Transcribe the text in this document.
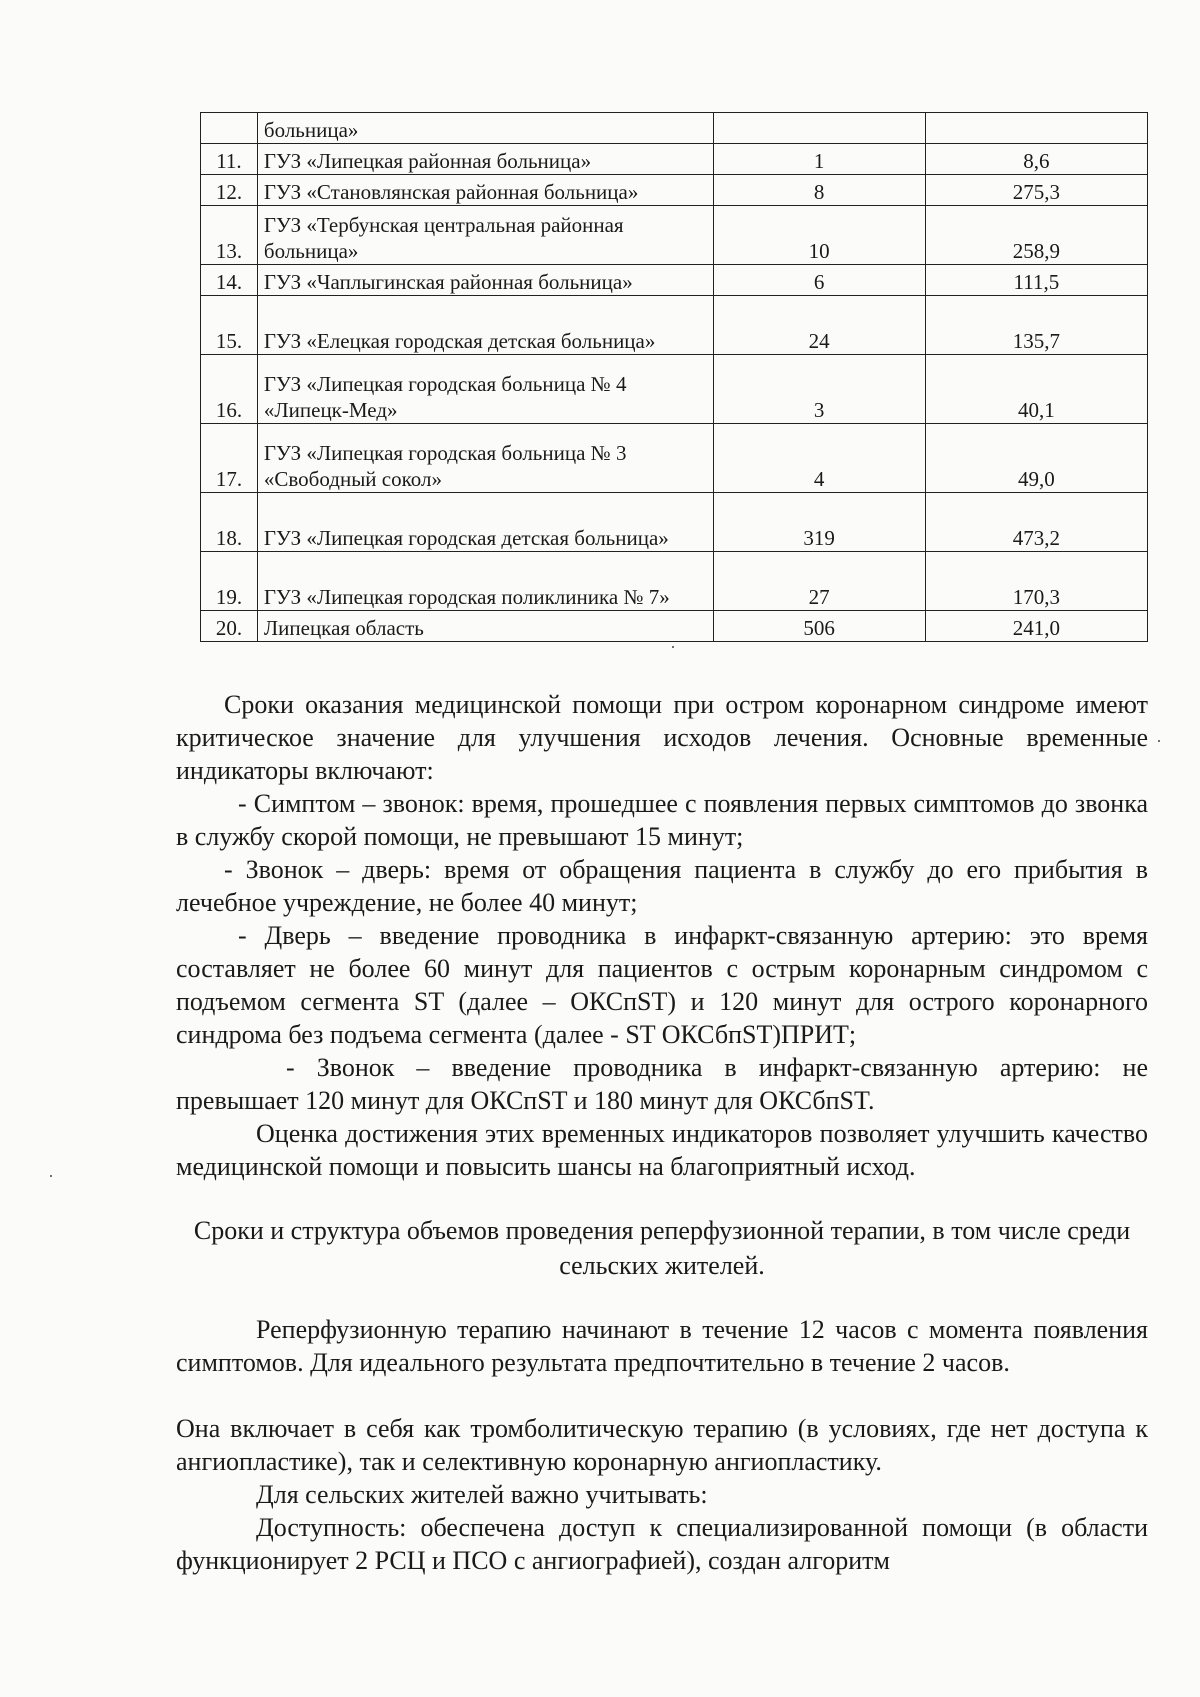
	больница»		
11.	ГУЗ «Липецкая районная больница»	1	8,6
12.	ГУЗ «Становлянская районная больница»	8	275,3
13.	ГУЗ «Тербунская центральная районная больница»	10	258,9
14.	ГУЗ «Чаплыгинская районная больница»	6	111,5
15.	ГУЗ «Елецкая городская детская больница»	24	135,7
16.	ГУЗ «Липецкая городская больница № 4 «Липецк-Мед»	3	40,1
17.	ГУЗ «Липецкая городская больница № 3 «Свободный сокол»	4	49,0
18.	ГУЗ «Липецкая городская детская больница»	319	473,2
19.	ГУЗ «Липецкая городская поликлиника № 7»	27	170,3
20.	Липецкая область	506	241,0

Сроки оказания медицинской помощи при остром коронарном синдроме имеют критическое значение для улучшения исходов лечения. Основные временные индикаторы включают:

- Симптом – звонок: время, прошедшее с появления первых симптомов до звонка в службу скорой помощи, не превышают 15 минут;

- Звонок – дверь: время от обращения пациента в службу до его прибытия в лечебное учреждение, не более 40 минут;

- Дверь – введение проводника в инфаркт-связанную артерию: это время составляет не более 60 минут для пациентов с острым коронарным синдромом с подъемом сегмента ST (далее – ОКСпST) и 120 минут для острого коронарного синдрома без подъема сегмента (далее - ST ОКСбпST)ПРИТ;

- Звонок – введение проводника в инфаркт-связанную артерию: не превышает 120 минут для ОКСпST и 180 минут для ОКСбпST.

Оценка достижения этих временных индикаторов позволяет улучшить качество медицинской помощи и повысить шансы на благоприятный исход.

Сроки и структура объемов проведения реперфузионной терапии, в том числе среди сельских жителей.

Реперфузионную терапию начинают в течение 12 часов с момента появления симптомов. Для идеального результата предпочтительно в течение 2 часов.

Она включает в себя как тромболитическую терапию (в условиях, где нет доступа к ангиопластике), так и селективную коронарную ангиопластику.

Для сельских жителей важно учитывать:

Доступность: обеспечена доступ к специализированной помощи (в области функционирует 2 РСЦ и ПСО с ангиографией), создан алгоритм
